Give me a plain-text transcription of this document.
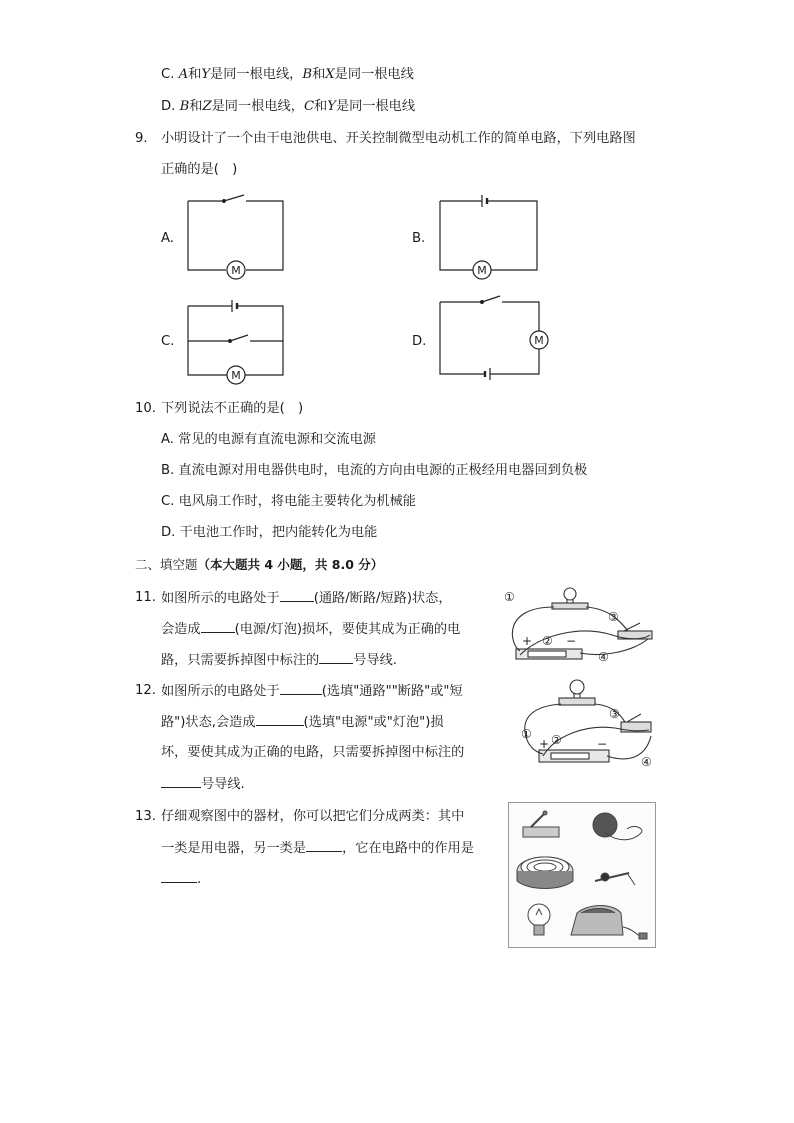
C. A和Y是同一根电线，B和X是同一根电线
D. B和Z是同一根电线，C和Y是同一根电线
9. 小明设计了一个由干电池供电、开关控制微型电动机工作的简单电路，下列电路图
正确的是(　)
A.	B.
C.	D.
M	M
M
M
10. 下列说法不正确的是(　)
A. 常见的电源有直流电源和交流电源
B. 直流电源对用电器供电时，电流的方向由电源的正极经用电器回到负极
C. 电风扇工作时，将电能主要转化为机械能
D. 干电池工作时，把内能转化为电能
二、填空题（本大题共 4 小题，共 8.0 分）
11. 如图所示的电路处于	(通路/断路/短路)状态，
会造成	(电源/灯泡)损坏，要使其成为正确的电
路，只需要拆掉图中标注的	号导线.
①
②
③
④
+	−
12. 如图所示的电路处于	(选填"通路""断路"或"短
路")状态,会造成	(选填"电源"或"灯泡")损
坏，要使其成为正确的电路，只需要拆掉图中标注的
号导线.
① ②
③
④
+	−
13. 仔细观察图中的器材，你可以把它们分成两类：其中
一类是用电器，另一类是	，它在电路中的作用是
.
